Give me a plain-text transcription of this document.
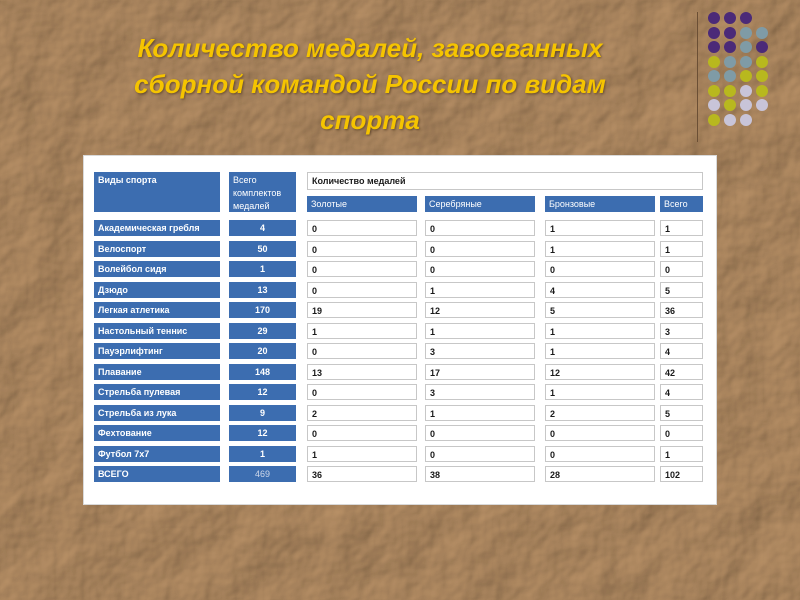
Количество медалей, завоеванных
сборной командой России по видам
спорта
Виды спорта	Всего комплектов медалей
Количество медалей
Золотые	Серебряные	Бронзовые	Всего
Академическая гребля	4	0	0	1	1
Велоспорт	50	0	0	1	1
Волейбол сидя	1	0	0	0	0
Дзюдо	13	0	1	4	5
Легкая атлетика	170	19	12	5	36
Настольный теннис	29	1	1	1	3
Пауэрлифтинг	20	0	3	1	4
Плавание	148	13	17	12	42
Стрельба пулевая	12	0	3	1	4
Стрельба из лука	9	2	1	2	5
Фехтование	12	0	0	0	0
Футбол 7x7	1	1	0	0	1
ВСЕГО	469	36	38	28	102
